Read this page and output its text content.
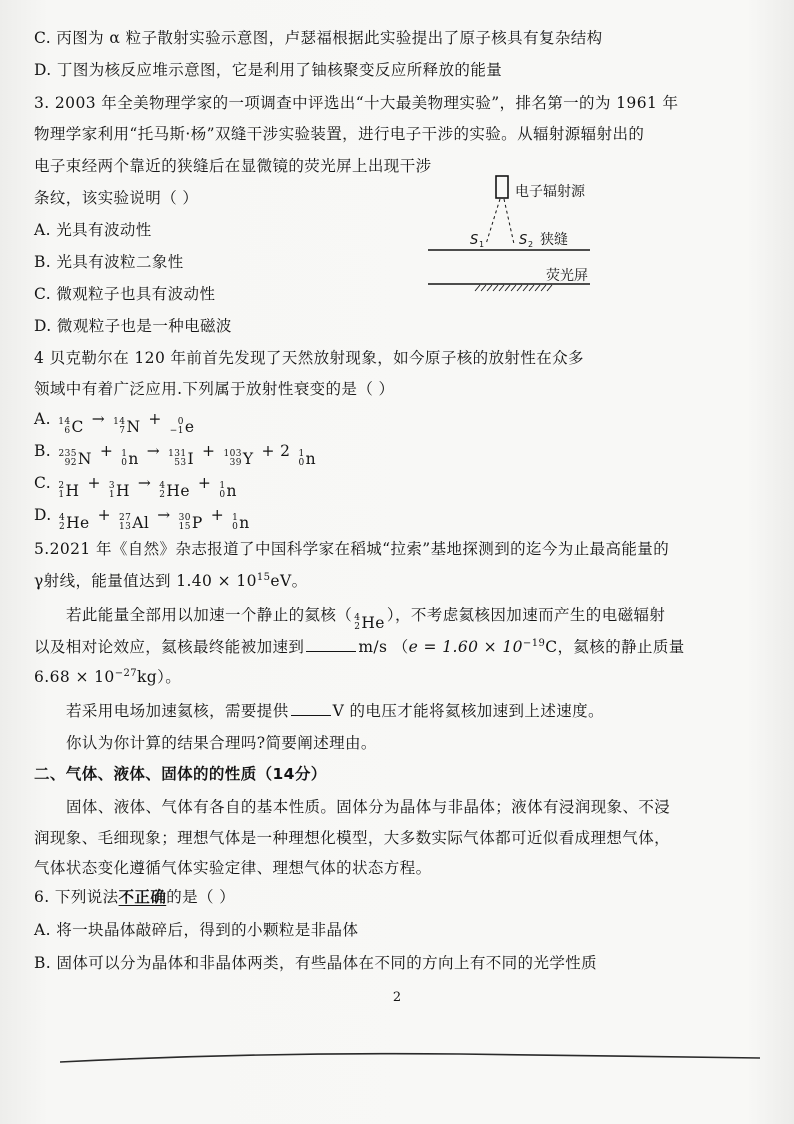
C. 丙图为 α 粒子散射实验示意图，卢瑟福根据此实验提出了原子核具有复杂结构
D. 丁图为核反应堆示意图，它是利用了铀核聚变反应所释放的能量
3. 2003 年全美物理学家的一项调查中评选出“十大最美物理实验”，排名第一的为 1961 年
物理学家利用“托马斯·杨”双缝干涉实验装置，进行电子干涉的实验。从辐射源辐射出的
电子束经两个靠近的狭缝后在显微镜的荧光屏上出现干涉
条纹，该实验说明（ ）
A. 光具有波动性
B. 光具有波粒二象性
C. 微观粒子也具有波动性
D. 微观粒子也是一种电磁波
电子辐射源
S 1	S 2 狭缝
荧光屏
4 贝克勒尔在 120 年前首先发现了天然放射现象，如今原子核的放射性在众多
领域中有着广泛应用.下列属于放射性衰变的是（ ）
A. 14
6 C → 14
7 N + 0
−1 e
B. 235
92 N + 1
0 n → 131
53 I + 103
39 Y + 2 1
0 n
C. 2
1 H + 3
1 H → 4
2 He + 1
0 n
D. 4
2 He + 27
13 Al → 30
15 P + 1
0 n
5.2021 年《自然》杂志报道了中国科学家在稻城“拉索”基地探测到的迄今为止最高能量的
γ射线，能量值达到 $1.40 \times 10^{15}eV$。
若此能量全部用以加速一个静止的氦核（ 4
2 He ），不考虑氦核因加速而产生的电磁辐射
以及相对论效应，氦核最终能被加速到	m/s （$e = 1.60 \times 10^{-19}C$，氦核的静止质量
$6.68 \times 10^{-27}kg$）。
若采用电场加速氦核，需要提供	V 的电压才能将氦核加速到上述速度。
你认为你计算的结果合理吗?简要阐述理由。
二、气体、液体、固体的的性质（14分）
固体、液体、气体有各自的基本性质。固体分为晶体与非晶体；液体有浸润现象、不浸
润现象、毛细现象；理想气体是一种理想化模型，大多数实际气体都可近似看成理想气体，
气体状态变化遵循气体实验定律、理想气体的状态方程。
6. 下列说法不正确的是（ ）
A. 将一块晶体敲碎后，得到的小颗粒是非晶体
B. 固体可以分为晶体和非晶体两类，有些晶体在不同的方向上有不同的光学性质
2
